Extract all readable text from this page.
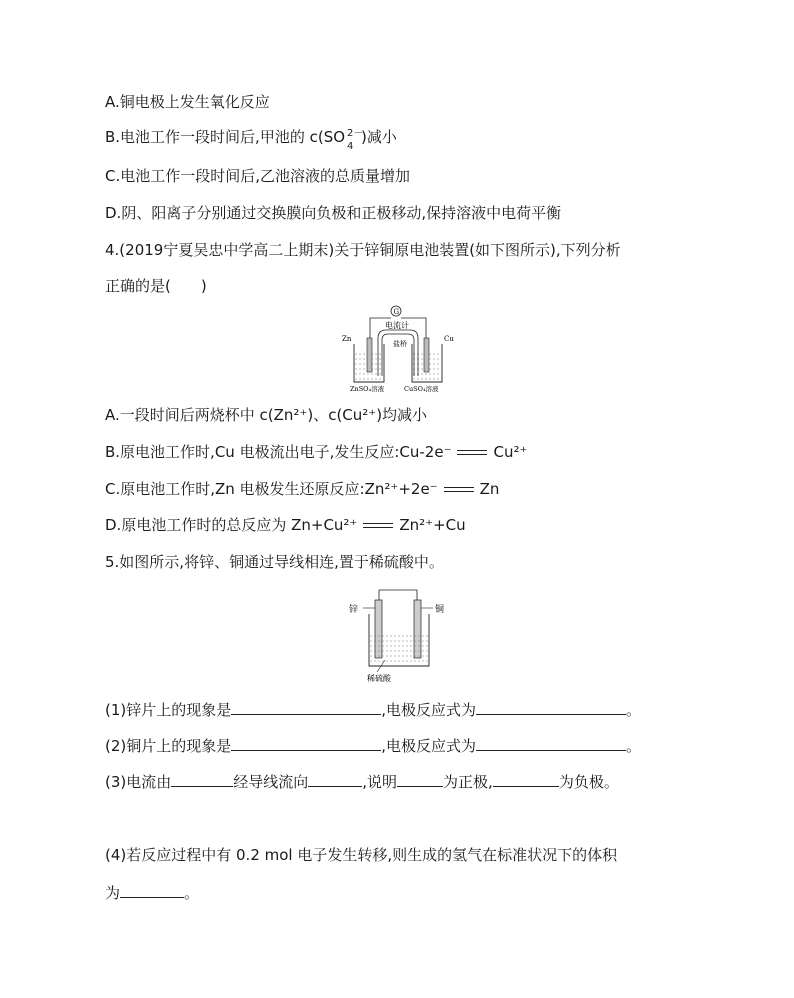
A.铜电极上发生氧化反应
B.电池工作一段时间后,甲池的 c(SO 2－
4
)减小
C.电池工作一段时间后,乙池溶液的总质量增加
D.阴、阳离子分别通过交换膜向负极和正极移动,保持溶液中电荷平衡
4.(2019宁夏吴忠中学高二上期末)关于锌铜原电池装置(如下图所示),下列分析
正确的是(　　)
G
电流计
盐桥
Zn	Cu
ZnSO₄溶液	CuSO₄溶液
A.一段时间后两烧杯中 c(Zn²⁺)、c(Cu²⁺)均减小
B.原电池工作时,Cu 电极流出电子,发生反应:Cu-2e⁻	Cu²⁺
C.原电池工作时,Zn 电极发生还原反应:Zn²⁺+2e⁻	Zn
D.原电池工作时的总反应为 Zn+Cu²⁺	Zn²⁺+Cu
5.如图所示,将锌、铜通过导线相连,置于稀硫酸中。
锌	铜
稀硫酸
(1)锌片上的现象是	,电极反应式为	。
(2)铜片上的现象是	,电极反应式为	。
(3)电流由	经导线流向	,说明	为正极,	为负极。
(4)若反应过程中有 0.2 mol 电子发生转移,则生成的氢气在标准状况下的体积
为	。
